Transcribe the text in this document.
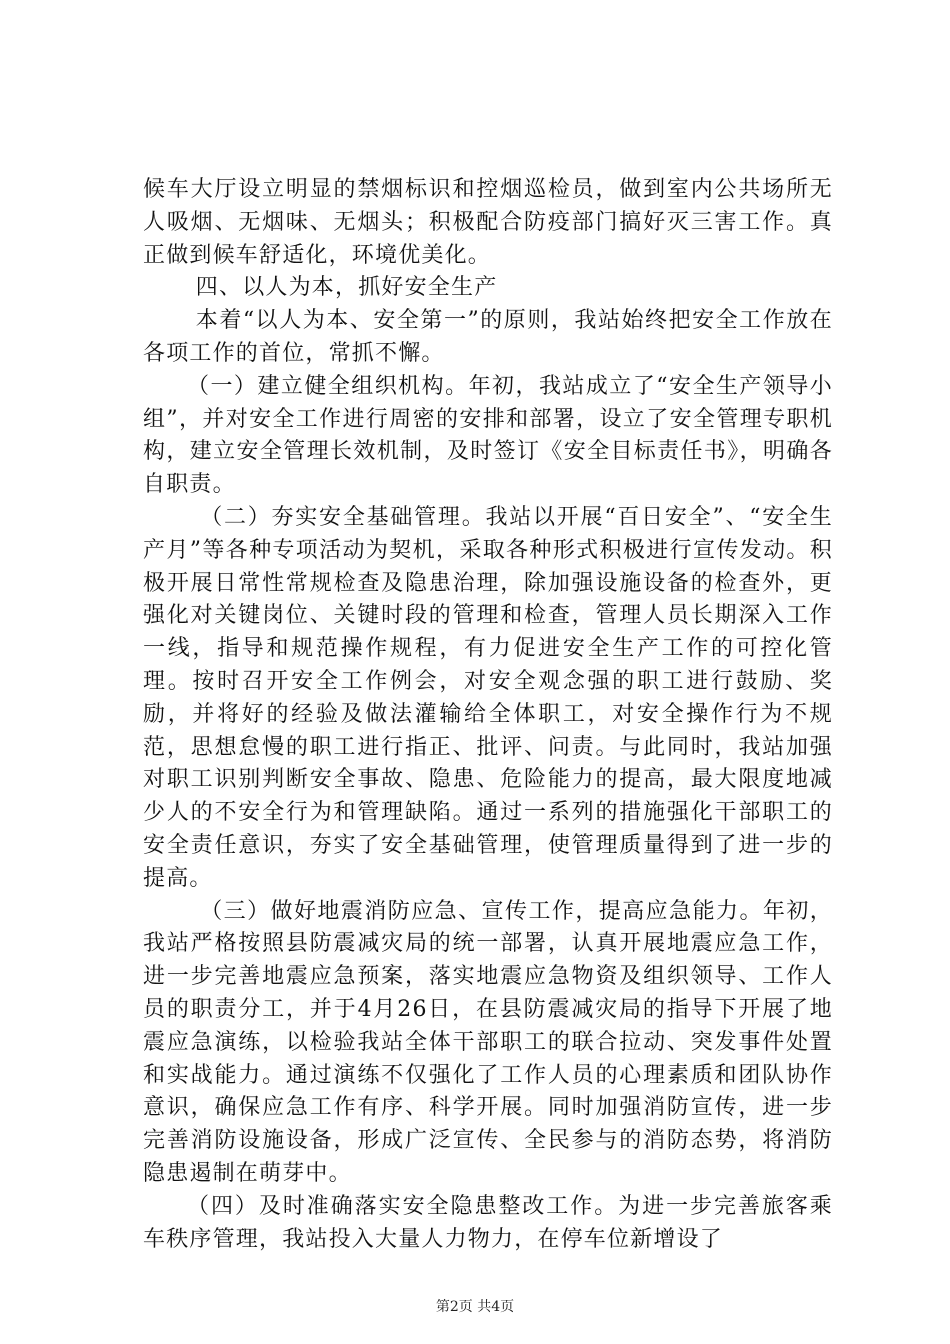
候车大厅设立明显的禁烟标识和控烟巡检员，做到室内公共场所无人吸烟、无烟味、无烟头；积极配合防疫部门搞好灭三害工作。真正做到候车舒适化，环境优美化。

四、以人为本，抓好安全生产

本着“以人为本、安全第一”的原则，我站始终把安全工作放在各项工作的首位，常抓不懈。

（一）建立健全组织机构。年初，我站成立了“安全生产领导小组”，并对安全工作进行周密的安排和部署，设立了安全管理专职机构，建立安全管理长效机制，及时签订《安全目标责任书》，明确各自职责。

（二）夯实安全基础管理。我站以开展“百日安全”、“安全生产月”等各种专项活动为契机，采取各种形式积极进行宣传发动。积极开展日常性常规检查及隐患治理，除加强设施设备的检查外，更强化对关键岗位、关键时段的管理和检查，管理人员长期深入工作一线，指导和规范操作规程，有力促进安全生产工作的可控化管理。按时召开安全工作例会，对安全观念强的职工进行鼓励、奖励，并将好的经验及做法灌输给全体职工，对安全操作行为不规范，思想怠慢的职工进行指正、批评、问责。与此同时，我站加强对职工识别判断安全事故、隐患、危险能力的提高，最大限度地减少人的不安全行为和管理缺陷。通过一系列的措施强化干部职工的安全责任意识，夯实了安全基础管理，使管理质量得到了进一步的提高。

（三）做好地震消防应急、宣传工作，提高应急能力。年初，我站严格按照县防震减灾局的统一部署，认真开展地震应急工作，进一步完善地震应急预案，落实地震应急物资及组织领导、工作人员的职责分工，并于4月26日，在县防震减灾局的指导下开展了地震应急演练，以检验我站全体干部职工的联合拉动、突发事件处置和实战能力。通过演练不仅强化了工作人员的心理素质和团队协作意识，确保应急工作有序、科学开展。同时加强消防宣传，进一步完善消防设施设备，形成广泛宣传、全民参与的消防态势，将消防隐患遏制在萌芽中。

（四）及时准确落实安全隐患整改工作。为进一步完善旅客乘车秩序管理，我站投入大量人力物力，在停车位新增设了

第2页 共4页
